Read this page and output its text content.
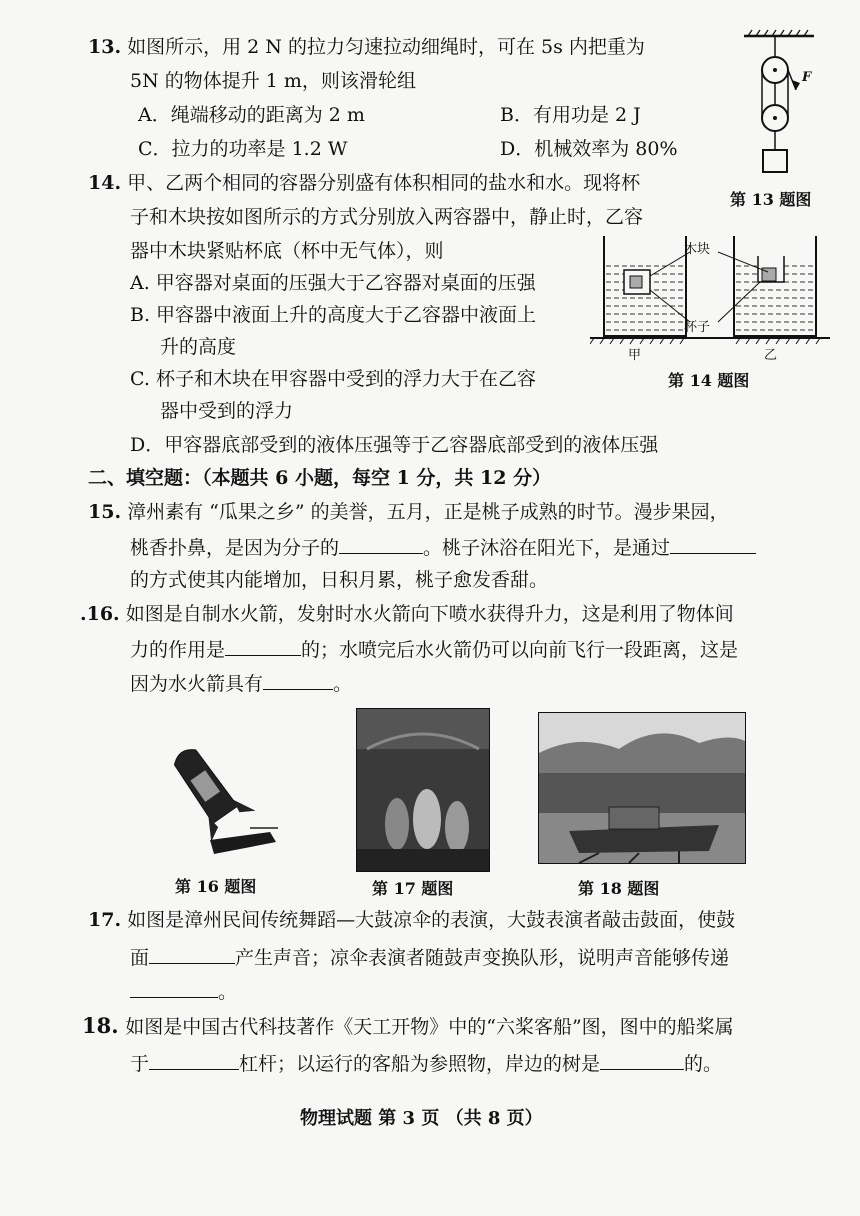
13. 如图所示，用 2 N 的拉力匀速拉动细绳时，可在 5s 内把重为
5N 的物体提升 1 m，则该滑轮组
A．绳端移动的距离为 2 m	B．有用功是 2 J
C．拉力的功率是 1.2 W	D．机械效率为 80%
F
第 13 题图
14. 甲、乙两个相同的容器分别盛有体积相同的盐水和水。现将杯
子和木块按如图所示的方式分别放入两容器中，静止时，乙容
器中木块紧贴杯底（杯中无气体），则
A. 甲容器对桌面的压强大于乙容器对桌面的压强
B. 甲容器中液面上升的高度大于乙容器中液面上
升的高度
C. 杯子和木块在甲容器中受到的浮力大于在乙容
器中受到的浮力
D．甲容器底部受到的液体压强等于乙容器底部受到的液体压强
木块
杯子
甲	乙
第 14 题图
二、填空题：（本题共 6 小题，每空 1 分，共 12 分）
15. 漳州素有 “瓜果之乡” 的美誉，五月，正是桃子成熟的时节。漫步果园，
桃香扑鼻，是因为分子的	。桃子沐浴在阳光下，是通过
的方式使其内能增加，日积月累，桃子愈发香甜。
.16. 如图是自制水火箭，发射时水火箭向下喷水获得升力，这是利用了物体间
力的作用是	的；水喷完后水火箭仍可以向前飞行一段距离，这是
因为水火箭具有	。
第 16 题图	第 17 题图	第 18 题图
17. 如图是漳州民间传统舞蹈—大鼓凉伞的表演，大鼓表演者敲击鼓面，使鼓
面	产生声音；凉伞表演者随鼓声变换队形，说明声音能够传递
。
18. 如图是中国古代科技著作《天工开物》中的“六桨客船”图，图中的船桨属
于	杠杆；以运行的客船为参照物，岸边的树是	的。
物理试题 第 3 页 （共 8 页）
